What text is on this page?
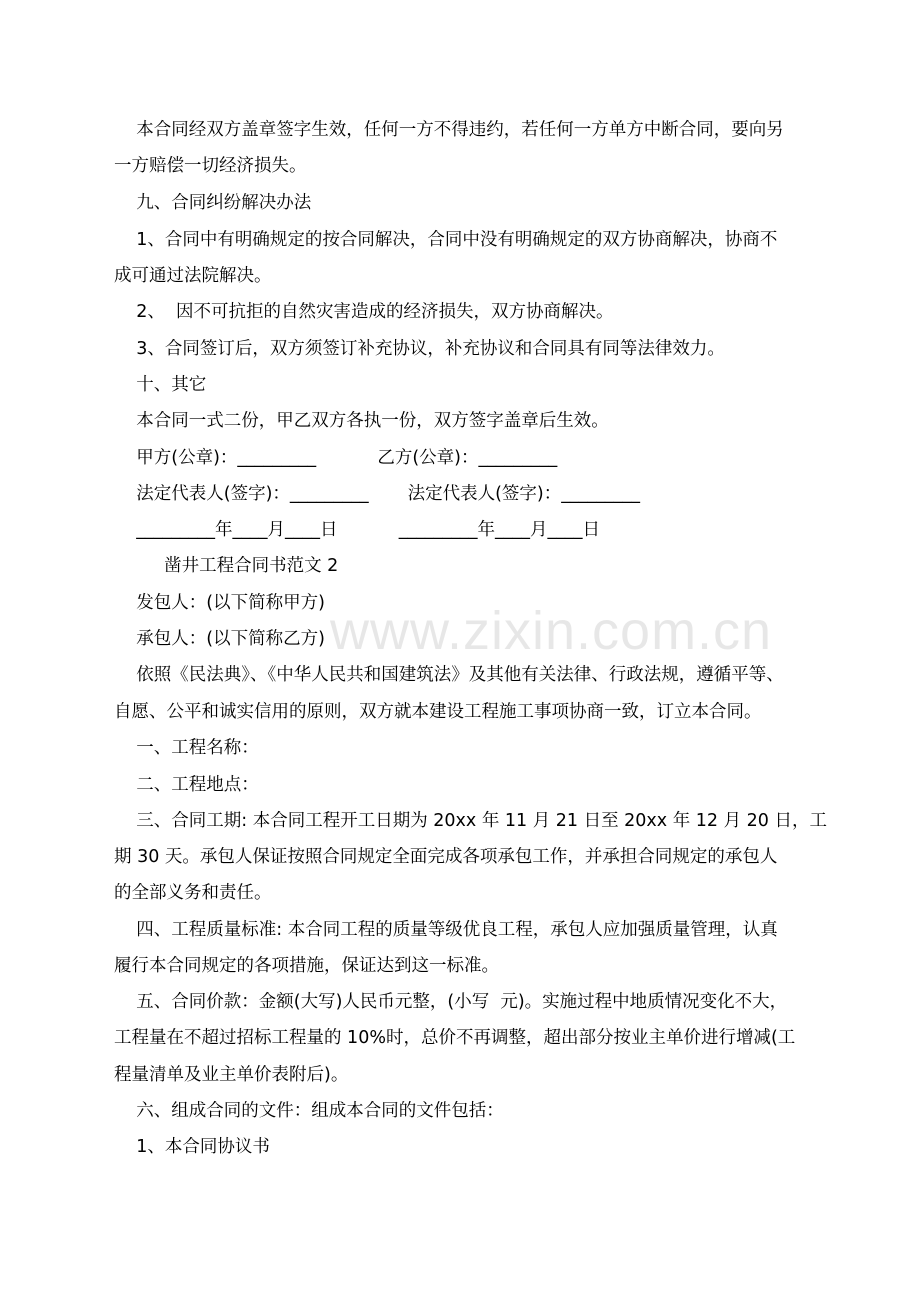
www.zixin.com.cn
本合同经双方盖章签字生效，任何一方不得违约，若任何一方单方中断合同，要向另
一方赔偿一切经济损失。
九、合同纠纷解决办法
1、合同中有明确规定的按合同解决，合同中没有明确规定的双方协商解决，协商不
成可通过法院解决。
2、  因不可抗拒的自然灾害造成的经济损失，双方协商解决。
3、合同签订后，双方须签订补充协议，补充协议和合同具有同等法律效力。
十、其它
本合同一式二份，甲乙双方各执一份，双方签字盖章后生效。
甲方(公章)：_________           乙方(公章)：_________
法定代表人(签字)：_________       法定代表人(签字)：_________
_________年____月____日           _________年____月____日
凿井工程合同书范文 2
发包人：(以下简称甲方)
承包人：(以下简称乙方)
依照《民法典》、《中华人民共和国建筑法》及其他有关法律、行政法规，遵循平等、
自愿、公平和诚实信用的原则，双方就本建设工程施工事项协商一致，订立本合同。
一、工程名称：
二、工程地点：
三、合同工期: 本合同工程开工日期为 20xx 年 11 月 21 日至 20xx 年 12 月 20 日，工
期 30 天。承包人保证按照合同规定全面完成各项承包工作，并承担合同规定的承包人
的全部义务和责任。
四、工程质量标准: 本合同工程的质量等级优良工程，承包人应加强质量管理，认真
履行本合同规定的各项措施，保证达到这一标准。
五、合同价款：金额(大写)人民币元整，(小写  元)。实施过程中地质情况变化不大，
工程量在不超过招标工程量的 10%时，总价不再调整，超出部分按业主单价进行增减(工
程量清单及业主单价表附后)。
六、组成合同的文件：组成本合同的文件包括：
1、本合同协议书
